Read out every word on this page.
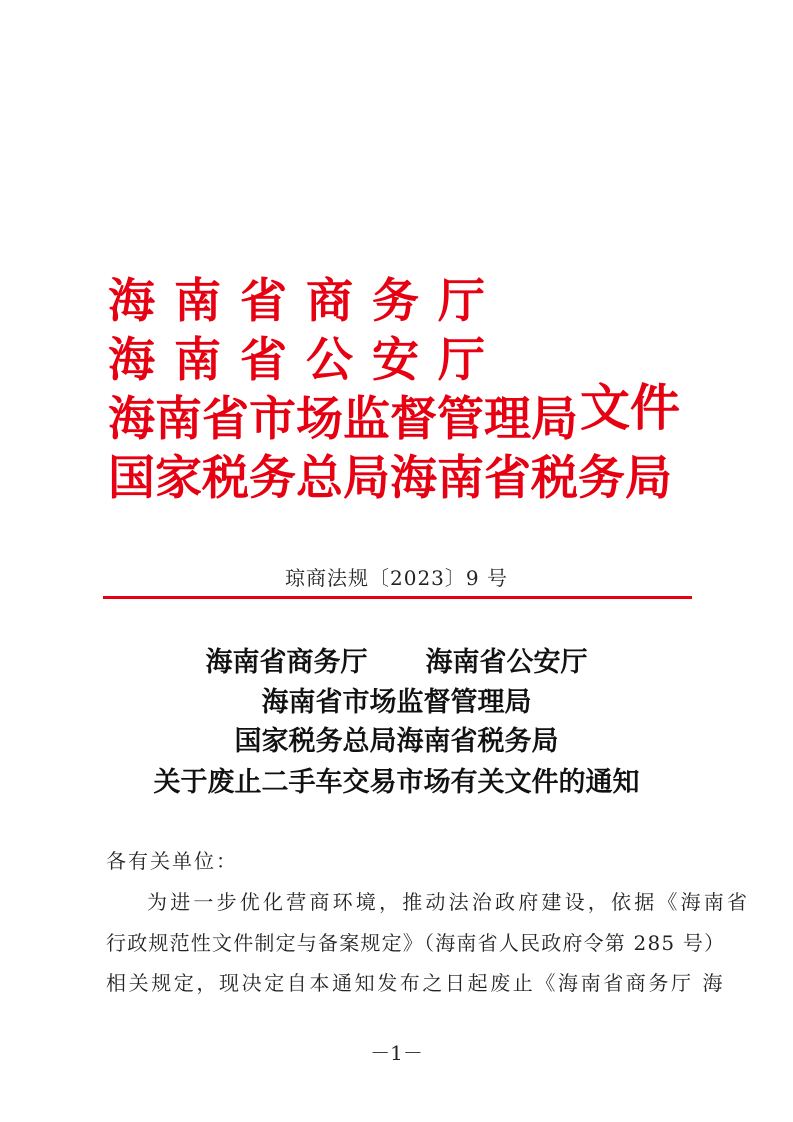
海南省商务厅
海南省公安厅
海南省市场监督管理局
国家税务总局海南省税务局
文件
琼商法规〔2023〕9 号
海南省商务厅 海南省公安厅
海南省市场监督管理局
国家税务总局海南省税务局
关于废止二手车交易市场有关文件的通知
各有关单位：
为进一步优化营商环境，推动法治政府建设，依据《海南省
行政规范性文件制定与备案规定》（海南省人民政府令第 285 号）
相关规定，现决定自本通知发布之日起废止《海南省商务厅 海
－1－
